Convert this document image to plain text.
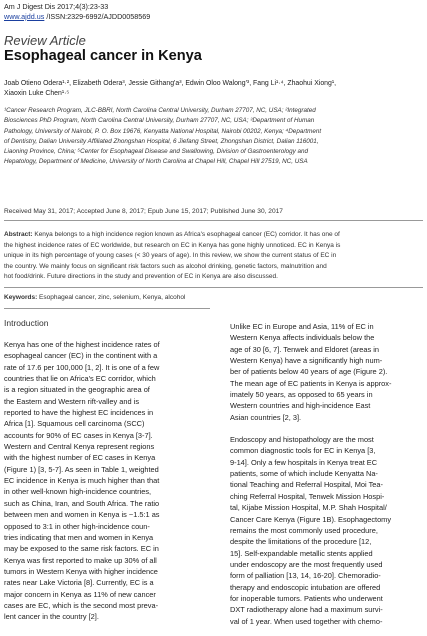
Am J Digest Dis 2017;4(3):23-33
www.ajdd.us /ISSN:2329-6992/AJDD0058569
Review Article
Esophageal cancer in Kenya
Joab Otieno Odera¹·², Elizabeth Odera³, Jessie Githang'a³, Edwin Oloo Walong'³, Fang Li¹·⁴, Zhaohui Xiong¹,
Xiaoxin Luke Chen¹·⁵
¹Cancer Research Program, JLC-BBRI, North Carolina Central University, Durham 27707, NC, USA; ²Integrated
Biosciences PhD Program, North Carolina Central University, Durham 27707, NC, USA; ³Department of Human
Pathology, University of Nairobi, P. O. Box 19676, Kenyatta National Hospital, Nairobi 00202, Kenya; ⁴Department
of Dentistry, Dalian University Affiliated Zhongshan Hospital, 6 Jiefang Street, Zhongshan District, Dalian 116001,
Liaoning Province, China; ⁵Center for Esophageal Disease and Swallowing, Division of Gastroenterology and
Hepatology, Department of Medicine, University of North Carolina at Chapel Hill, Chapel Hill 27519, NC, USA
Received May 31, 2017; Accepted June 8, 2017; Epub June 15, 2017; Published June 30, 2017
Abstract: Kenya belongs to a high incidence region known as Africa's esophageal cancer (EC) corridor. It has one of
the highest incidence rates of EC worldwide, but research on EC in Kenya has gone highly unnoticed. EC in Kenya is
unique in its high percentage of young cases (< 30 years of age). In this review, we show the current status of EC in
the country. We mainly focus on significant risk factors such as alcohol drinking, genetic factors, malnutrition and
hot food/drink. Future directions in the study and prevention of EC in Kenya are also discussed.
Keywords: Esophageal cancer, zinc, selenium, Kenya, alcohol
Introduction

Kenya has one of the highest incidence rates of
esophageal cancer (EC) in the continent with a
rate of 17.6 per 100,000 [1, 2]. It is one of a few
countries that lie on Africa's EC corridor, which
is a region situated in the geographic area of
the Eastern and Western rift-valley and is
reported to have the highest EC incidences in
Africa [1]. Squamous cell carcinoma (SCC)
accounts for 90% of EC cases in Kenya [3-7].
Western and Central Kenya represent regions
with the highest number of EC cases in Kenya
(Figure 1) [3, 5-7]. As seen in Table 1, weighted
EC incidence in Kenya is much higher than that
in other well-known high-incidence countries,
such as China, Iran, and South Africa. The ratio
between men and women in Kenya is ~1.5:1 as
opposed to 3:1 in other high-incidence coun-
tries indicating that men and women in Kenya
may be exposed to the same risk factors. EC in
Kenya was first reported to make up 30% of all
tumors in Western Kenya with higher incidence
rates near Lake Victoria [8]. Currently, EC is a
major concern in Kenya as 11% of new cancer
cases are EC, which is the second most preva-
lent cancer in the country [2].

Unlike EC in Europe and Asia, 11% of EC in
Western Kenya affects individuals below the
age of 30 [6, 7]. Tenwek and Eldoret (areas in
Western Kenya) have a significantly high num-
ber of patients below 40 years of age (Figure 2).
The mean age of EC patients in Kenya is approx-
imately 50 years, as opposed to 65 years in
Western countries and high-incidence East
Asian countries [2, 3].

Endoscopy and histopathology are the most
common diagnostic tools for EC in Kenya [3,
9-14]. Only a few hospitals in Kenya treat EC
patients, some of which include Kenyatta Na-
tional Teaching and Referral Hospital, Moi Tea-
ching Referral Hospital, Tenwek Mission Hospi-
tal, Kijabe Mission Hospital, M.P. Shah Hospital/
Cancer Care Kenya (Figure 1B). Esophagectomy
remains the most commonly used procedure,
despite the limitations of the procedure [12,
15]. Self-expandable metallic stents applied
under endoscopy are the most frequently used
form of palliation [13, 14, 16-20]. Chemoradio-
therapy and endoscopic intubation are offered
for inoperable tumors. Patients who underwent
DXT radiotherapy alone had a maximum survi-
val of 1 year. When used together with chemo-
